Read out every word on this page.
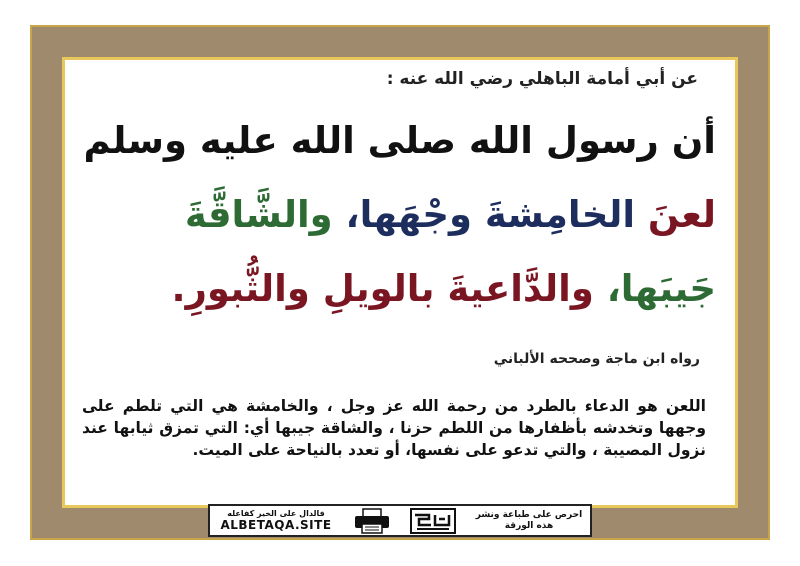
عن أبي أمامة الباهلي رضي الله عنه :
أن رسول الله صلى الله عليه وسلم
لعنَ الخامِشةَ وجْهَها، والشَّاقَّةَ
جَيبَها، والدَّاعيةَ بالويلِ والثُّبورِ.
رواه ابن ماجة وصححه الألباني
اللعن هو الدعاء بالطرد من رحمة الله عز وجل ، والخامشة هي التي تلطم على وجهها وتخدشه بأظفارها من اللطم حزنا ، والشاقة جيبها أي: التي تمزق ثيابها عند نزول المصيبة ، والتي تدعو على نفسها، أو تعدد بالنياحة على الميت.
فالدال على الخير كفاعله
ALBETAQA.SITE
احرص على طباعة ونشر هذه الورقة
